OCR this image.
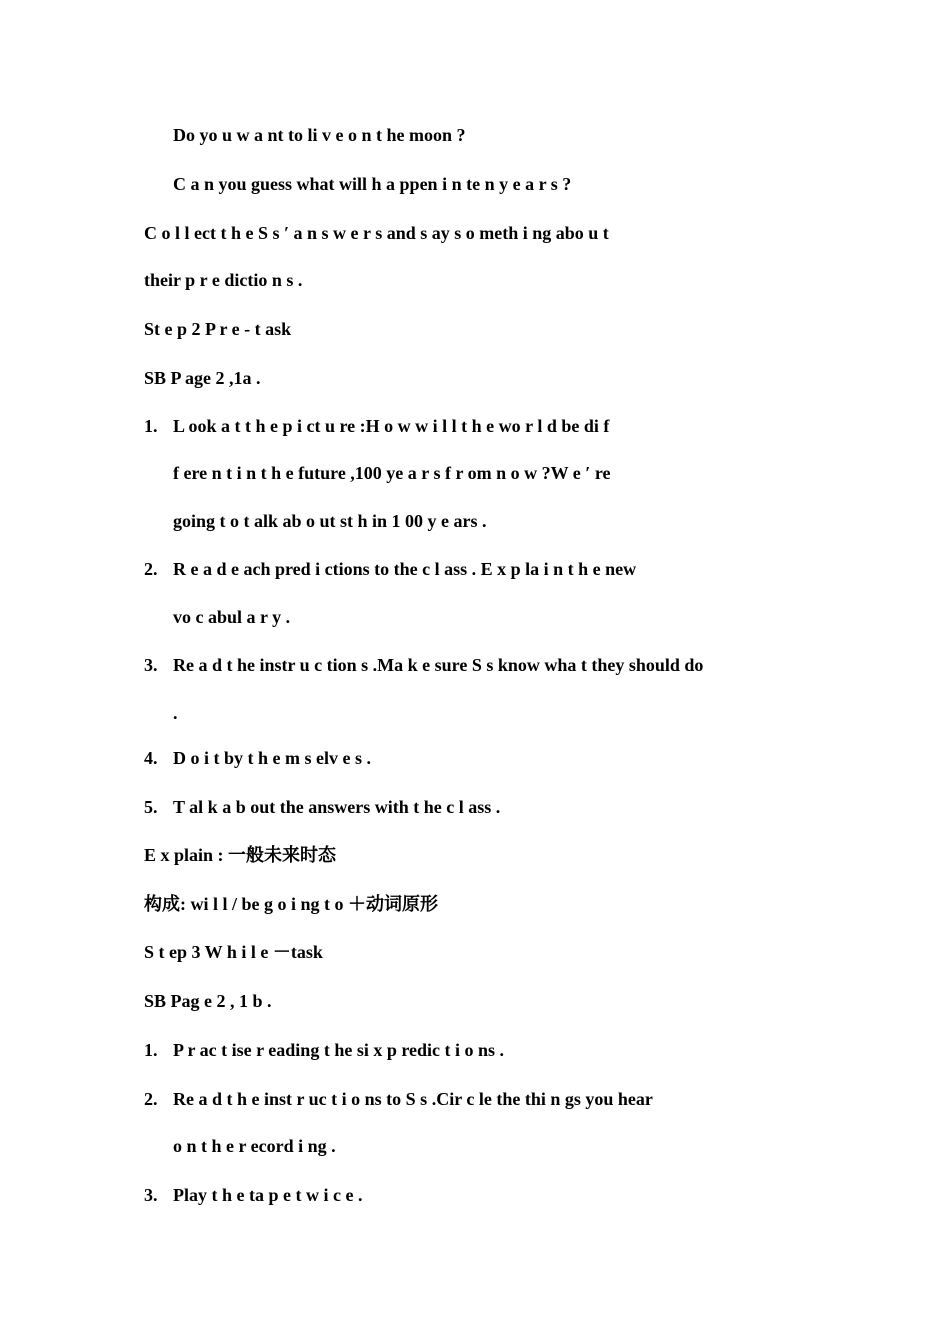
Do yo u w a nt to li v e o n t he moon ?
C a n you guess what will h a ppen i n te n y e a r s ?
C o l l ect t h e S s ′ a n s w e r s and s ay s o meth i ng abo u t
their p r e dictio n s .
St e p 2 P r e - t ask
SB P age 2 ,1a .
1. L ook a t t h e p i ct u re :H o w w i l l t h e wo r l d be di f
f ere n t i n t h e future ,100 ye a r s f r om n o w ?W e ′ re
going t o t alk ab o ut st h in 1 00 y e ars .
2. R e a d e ach pred i ctions to the c l ass . E x p la i n t h e new
vo c abul a r y .
3. Re a d t he instr u c tion s .Ma k e sure S s know wha t they should do
.
4. D o i t by t h e m s elv e s .
5. T al k a b out the answers with t he c l ass .
E x plain : 一般未来时态
构成: wi l l / be g o i ng t o ＋动词原形
S t ep 3 W h i l e －task
SB Pag e 2 , 1 b .
1. P r ac t ise r eading t he si x p redic t i o ns .
2. Re a d t h e inst r uc t i o ns to S s .Cir c le the thi n gs you hear
o n t h e r ecord i ng .
3. Play t h e ta p e t w i c e .
